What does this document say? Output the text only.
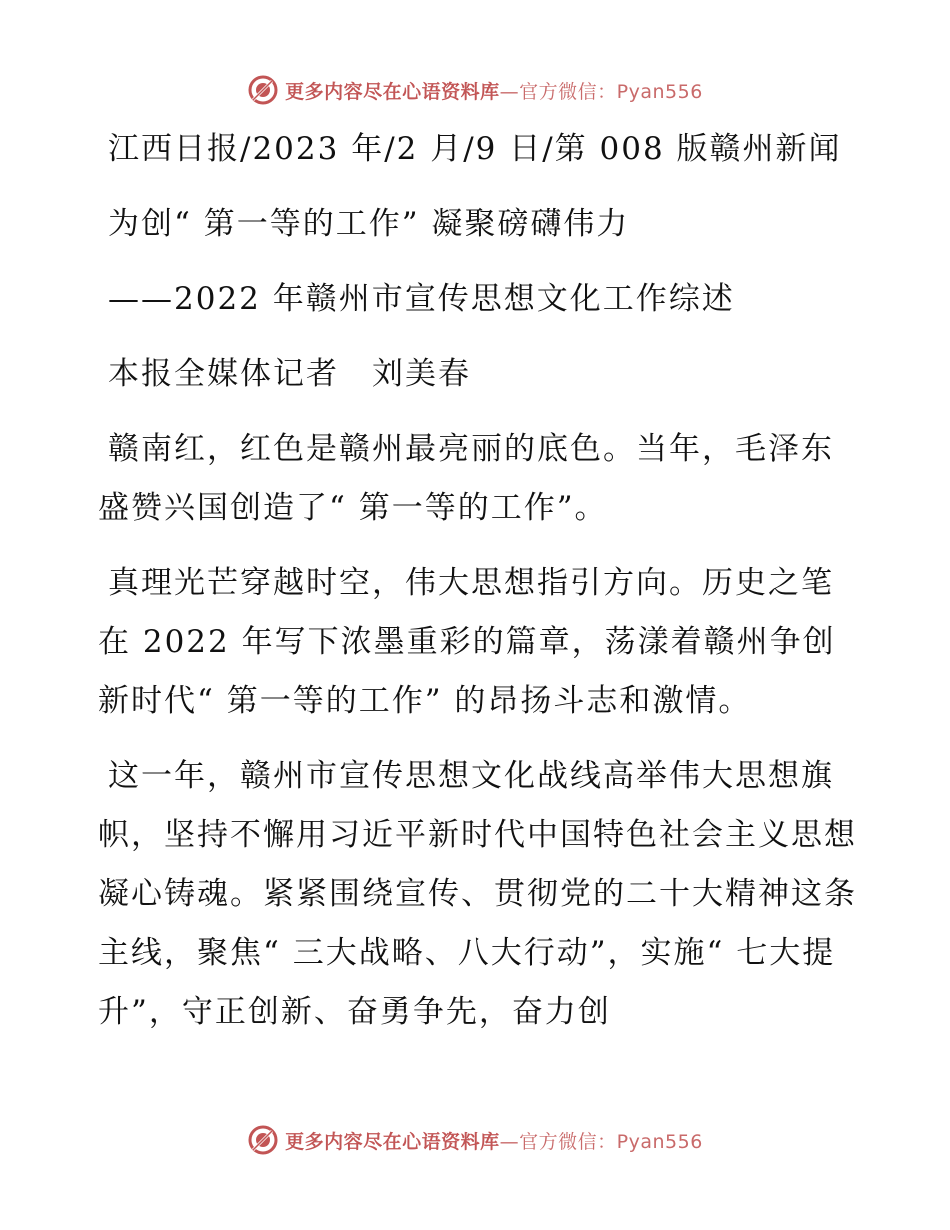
更多内容尽在心语资料库—官方微信：Pyan556

江西日报/2023 年/2 月/9 日/第 008 版赣州新闻

为创“ 第一等的工作” 凝聚磅礴伟力

——2022 年赣州市宣传思想文化工作综述

本报全媒体记者　刘美春

赣南红，红色是赣州最亮丽的底色。当年，毛泽东盛赞兴国创造了“ 第一等的工作”。

真理光芒穿越时空，伟大思想指引方向。历史之笔在 2022 年写下浓墨重彩的篇章，荡漾着赣州争创新时代“ 第一等的工作” 的昂扬斗志和激情。

这一年，赣州市宣传思想文化战线高举伟大思想旗帜，坚持不懈用习近平新时代中国特色社会主义思想凝心铸魂。紧紧围绕宣传、贯彻党的二十大精神这条主线，聚焦“ 三大战略、八大行动”，实施“ 七大提升”，守正创新、奋勇争先，奋力创

更多内容尽在心语资料库—官方微信：Pyan556
